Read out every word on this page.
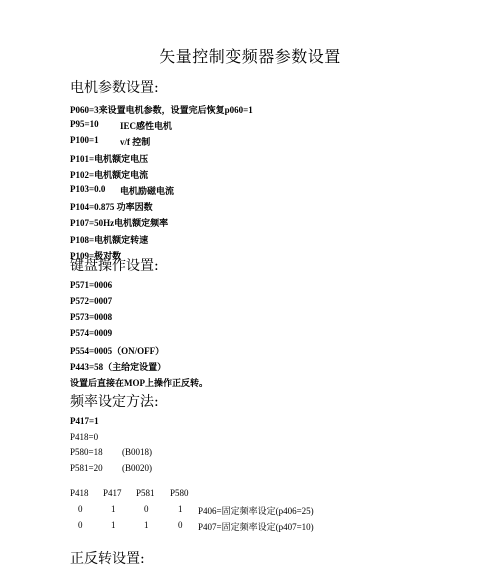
矢量控制变频器参数设置
电机参数设置:
P060=3来设置电机参数，设置完后恢复p060=1
P95=10 IEC感性电机
P100=1 v/f 控制
P101=电机额定电压
P102=电机额定电流
P103=0.0 电机励磁电流
P104=0.875 功率因数
P107=50Hz电机额定频率
P108=电机额定转速
P109=极对数
键盘操作设置:
P571=0006
P572=0007
P573=0008
P574=0009
P554=0005（ON/OFF）
P443=58（主给定设置）
设置后直接在MOP上操作正反转。
频率设定方法:
P417=1
P418=0
P580=18 (B0018)
P581=20 (B0020)
P418 P417 P581 P580
0	1	0	1 P406=固定频率设定(p406=25)
0	1	1	0 P407=固定频率设定(p407=10)
正反转设置:
